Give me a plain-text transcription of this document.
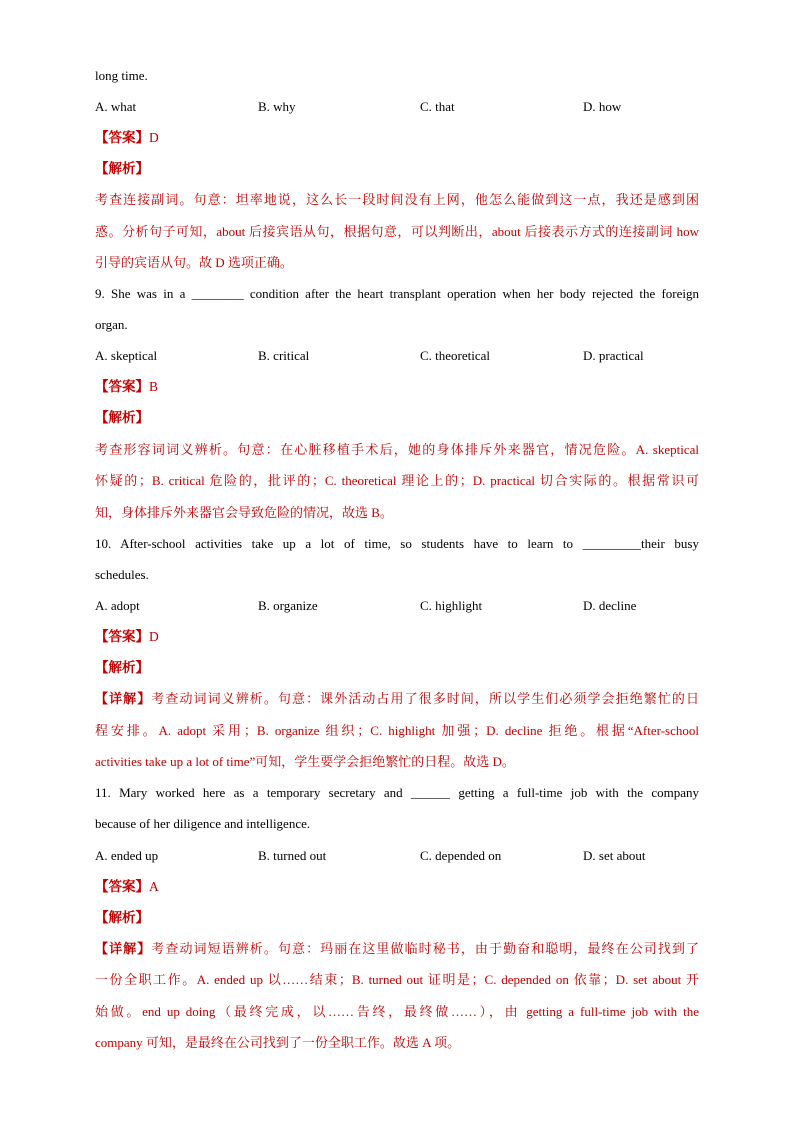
long time.
A. what	B. why	C. that	D. how
【答案】D
【解析】
考查连接副词。句意：坦率地说，这么长一段时间没有上网，他怎么能做到这一点，我还是感到困
惑。分析句子可知，about 后接宾语从句，根据句意，可以判断出，about 后接表示方式的连接副词 how
引导的宾语从句。故 D 选项正确。
9. She was in a ________ condition after the heart transplant operation when her body rejected the foreign
organ.
A. skeptical	B. critical	C. theoretical	D. practical
【答案】B
【解析】
考查形容词词义辨析。句意：在心脏移植手术后，她的身体排斥外来器官，情况危险。A. skeptical
怀疑的；B. critical 危险的，批评的；C. theoretical 理论上的；D. practical 切合实际的。根据常识可
知，身体排斥外来器官会导致危险的情况，故选 B。
10. After-school activities take up a lot of time, so students have to learn to _________their busy
schedules.
A. adopt	B. organize	C. highlight	D. decline
【答案】D
【解析】
【详解】考查动词词义辨析。句意：课外活动占用了很多时间，所以学生们必须学会拒绝繁忙的日
程安排。A. adopt 采用；B. organize 组织；C. highlight 加强；D. decline 拒绝。根据“After-school
activities take up a lot of time”可知，学生要学会拒绝繁忙的日程。故选 D。
11. Mary worked here as a temporary secretary and ______ getting a full-time job with the company
because of her diligence and intelligence.
A. ended up	B. turned out	C. depended on	D. set about
【答案】A
【解析】
【详解】考查动词短语辨析。句意：玛丽在这里做临时秘书，由于勤奋和聪明，最终在公司找到了
一份全职工作。A. ended up 以……结束；B. turned out 证明是；C. depended on 依靠；D. set about 开
始做。end up doing（最终完成，以……告终，最终做……），由 getting a full-time job with the
company 可知，是最终在公司找到了一份全职工作。故选 A 项。
